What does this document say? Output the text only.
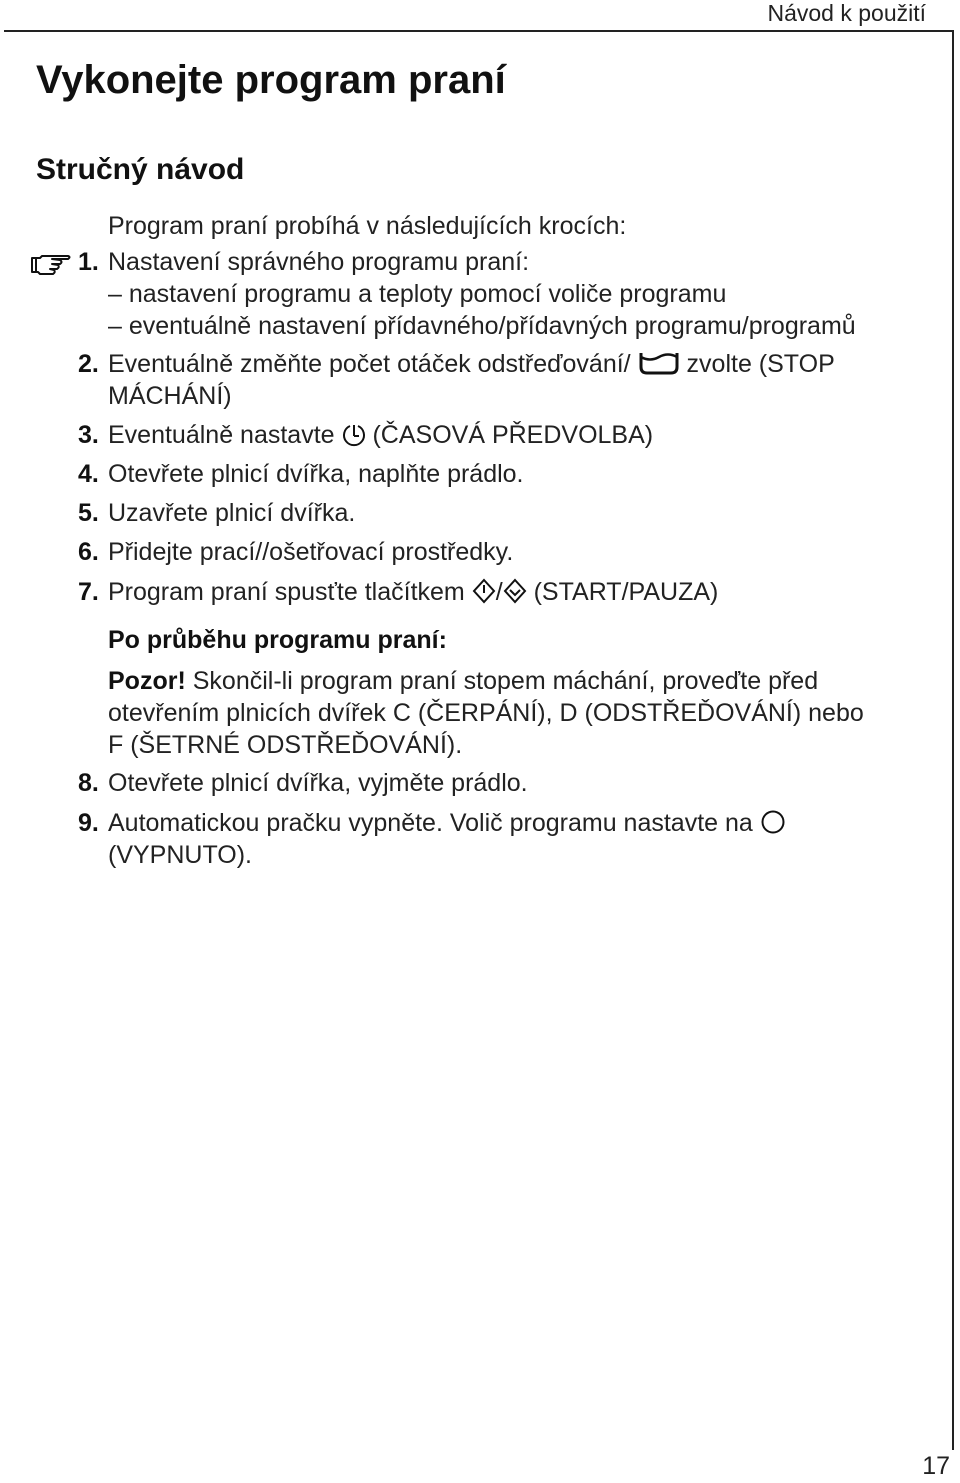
Návod k použití
Vykonejte program praní
Stručný návod
Program praní probíhá v následujících krocích:
1. Nastavení správného programu praní:
– nastavení programu a teploty pomocí voliče programu
– eventuálně nastavení přídavného/přídavných programu/programů
2. Eventuálně změňte počet otáček odstřeďování/ zvolte (STOP
MÁCHÁNÍ)
3. Eventuálně nastavte (ČASOVÁ PŘEDVOLBA)
4. Otevřete plnicí dvířka, naplňte prádlo.
5. Uzavřete plnicí dvířka.
6. Přidejte prací//ošetřovací prostředky.
7. Program praní spusťte tlačítkem / (START/PAUZA)
Po průběhu programu praní:
Pozor! Skončil-li program praní stopem máchání, proveďte před
otevřením plnicích dvířek C (ČERPÁNÍ), D (ODSTŘEĎOVÁNÍ) nebo
F (ŠETRNÉ ODSTŘEĎOVÁNÍ).
8. Otevřete plnicí dvířka, vyjměte prádlo.
9. Automatickou pračku vypněte. Volič programu nastavte na
(VYPNUTO).
17
